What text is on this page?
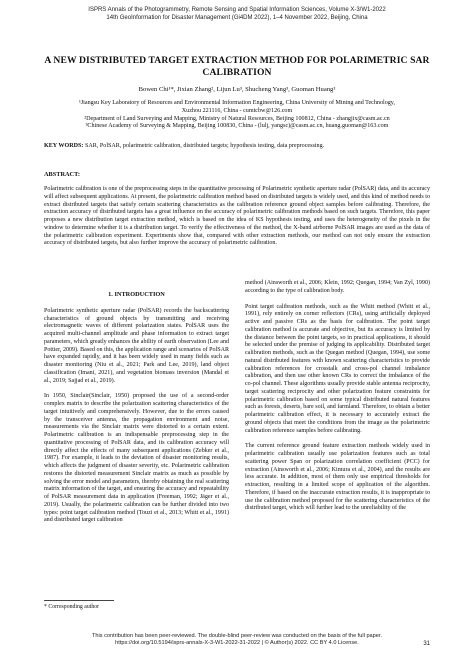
ISPRS Annals of the Photogrammetry, Remote Sensing and Spatial Information Sciences, Volume X-3/W1-2022
14th GeoInformation for Disaster Management (Gi4DM 2022), 1–4 November 2022, Beijing, China
A NEW DISTRIBUTED TARGET EXTRACTION METHOD FOR POLARIMETRIC SAR CALIBRATION
Bowen Chi¹*, Jixian Zhang², Lijun Lu³, Shucheng Yang³, Guoman Huang³
¹Jiangsu Key Laboratory of Resources and Environmental Information Engineering, China University of Mining and Technology,
Xuzhou 221116, China - cumtcbw@126.com
²Department of Land Surveying and Mapping, Ministry of Natural Resources, Beijing 100812, China - zhangjix@casm.ac.cn
³Chinese Academy of Surveying & Mapping, Beijing 100830, China - (lulj, yangsc)@casm.ac.cn, huang.guoman@163.com
KEY WORDS: SAR, PolSAR, polarimetric calibration, distributed targets; hypothesis testing, data preprocessing.
ABSTRACT:
Polarimetric calibration is one of the preprocessing steps in the quantitative processing of Polarimetric synthetic aperture radar (PolSAR) data, and its accuracy will affect subsequent applications. At present, the polarimetric calibration method based on distributed targets is widely used, and this kind of method needs to extract distributed targets that satisfy certain scattering characteristics as the calibration reference ground object samples before calibrating. Therefore, the extraction accuracy of distributed targets has a great influence on the accuracy of polarimetric calibration methods based on such targets. Therefore, this paper proposes a new distribution target extraction method, which is based on the idea of KS hypothesis testing, and uses the heterogeneity of the pixels in the window to determine whether it is a distribution target. To verify the effectiveness of the method, the X-band airborne PolSAR images are used as the data of the polarimetric calibration experiment. Experiments show that, compared with other extraction methods, our method can not only ensure the extraction accuracy of distributed targets, but also further improve the accuracy of polarimetric calibration.
1. INTRODUCTION

Polarimetric synthetic aperture radar (PolSAR) records the backscattering characteristics of ground objects by transmitting and receiving electromagnetic waves of different polarization states. PolSAR uses the acquired multi-channel amplitude and phase information to extract target parameters, which greatly enhances the ability of earth observation (Lee and Pottier, 2009). Based on this, the application range and scenarios of PolSAR have expanded rapidly, and it has been widely used in many fields such as disaster monitoring (Niu et al., 2021; Park and Lee, 2019), land object classification (Imani, 2021), and vegetation biomass inversion (Mandal et al., 2019; Sajjad et al., 2019).

In 1950, Sinclair(Sinclair, 1950) proposed the use of a second-order complex matrix to describe the polarization scattering characteristics of the target intuitively and comprehensively. However, due to the errors caused by the transceiver antenna, the propagation environment and noise, measurements via the Sinclair matrix were distorted to a certain extent. Polarimetric calibration is an indispensable preprocessing step in the quantitative processing of PolSAR data, and its calibration accuracy will directly affect the effects of many subsequent applications (Zebker et al., 1987). For example, it leads to the deviation of disaster monitoring results, which affects the judgment of disaster severity, etc. Polarimetric calibration restores the distorted measurement Sinclair matrix as much as possible by solving the error model and parameters, thereby obtaining the real scattering matrix information of the target, and ensuring the accuracy and repeatability of PolSAR measurement data in application (Freeman, 1992; Jäger et al., 2019). Usually, the polarimetric calibration can be further divided into two types: point target calibration method (Touzi et al., 2013; Whitt et al., 1991) and distributed target calibration

method (Ainsworth et al., 2006; Klein, 1992; Quegan, 1994; Van Zyl, 1990) according to the type of calibration body.

Point target calibration methods, such as the Whitt method (Whitt et al., 1991), rely entirely on corner reflectors (CRs), using artificially deployed active and passive CRs as the basis for calibration. The point target calibration method is accurate and objective, but its accuracy is limited by the distance between the point targets, so in practical applications, it should be selected under the premise of judging its applicability. Distributed target calibration methods, such as the Quegan method (Quegan, 1994), use some natural distributed features with known scattering characteristics to provide calibration references for crosstalk and cross-pol channel imbalance calibration, and then use other known CRs to correct the imbalance of the co-pol channel. These algorithms usually provide stable antenna reciprocity, target scattering reciprocity and other polarization feature constraints for polarimetric calibration based on some typical distributed natural features such as forests, deserts, bare soil, and farmland. Therefore, to obtain a better polarimetric calibration effect, it is necessary to accurately extract the ground objects that meet the conditions from the image as the polarimetric calibration reference samples before calibrating.

The current reference ground feature extraction methods widely used in polarimetric calibration usually use polarization features such as total scattering power Span or polarization correlation coefficient (PCC) for extraction (Ainsworth et al., 2006; Kimura et al., 2004), and the results are less accurate. In addition, most of them only use empirical thresholds for extraction, resulting in a limited scope of application of the algorithm. Therefore, if based on the inaccurate extraction results, it is inappropriate to use the calibration method proposed for the scattering characteristics of the distributed target, which will further lead to the unreliability of the

* Corresponding author
This contribution has been peer-reviewed. The double-blind peer-review was conducted on the basis of the full paper.
https://doi.org/10.5194/isprs-annals-X-3-W1-2022-31-2022 | © Author(s) 2022. CC BY 4.0 License.	31
